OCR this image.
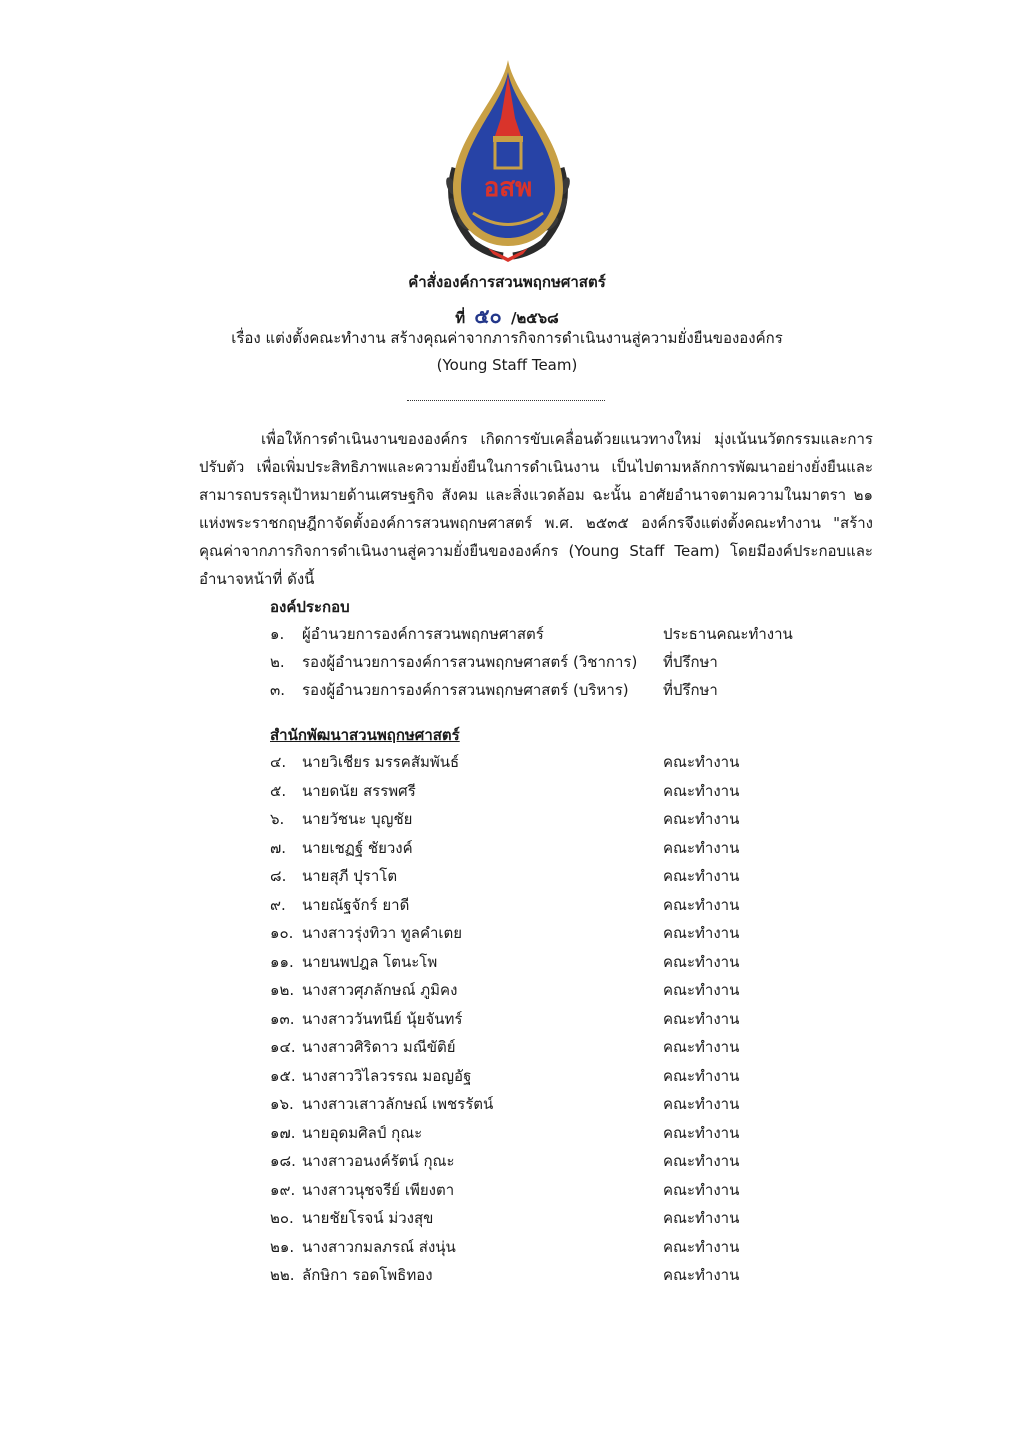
อสพ
คำสั่งองค์การสวนพฤกษศาสตร์
ที่ ๕๐ /๒๕๖๘
เรื่อง แต่งตั้งคณะทำงาน สร้างคุณค่าจากภารกิจการดำเนินงานสู่ความยั่งยืนขององค์กร
(Young Staff Team)
เพื่อให้การดำเนินงานขององค์กร เกิดการขับเคลื่อนด้วยแนวทางใหม่ มุ่งเน้นนวัตกรรมและการปรับตัว เพื่อเพิ่มประสิทธิภาพและความยั่งยืนในการดำเนินงาน เป็นไปตามหลักการพัฒนาอย่างยั่งยืนและสามารถบรรลุเป้าหมายด้านเศรษฐกิจ สังคม และสิ่งแวดล้อม ฉะนั้น อาศัยอำนาจตามความในมาตรา ๒๑ แห่งพระราชกฤษฎีกาจัดตั้งองค์การสวนพฤกษศาสตร์ พ.ศ. ๒๕๓๕ องค์กรจึงแต่งตั้งคณะทำงาน "สร้างคุณค่าจากภารกิจการดำเนินงานสู่ความยั่งยืนขององค์กร (Young Staff Team) โดยมีองค์ประกอบและอำนาจหน้าที่ ดังนี้
องค์ประกอบ
๑.	ผู้อำนวยการองค์การสวนพฤกษศาสตร์	ประธานคณะทำงาน
๒.	รองผู้อำนวยการองค์การสวนพฤกษศาสตร์ (วิชาการ) ที่ปรึกษา
๓.	รองผู้อำนวยการองค์การสวนพฤกษศาสตร์ (บริหาร) ที่ปรึกษา
สำนักพัฒนาสวนพฤกษศาสตร์
๔.	นายวิเชียร มรรคสัมพันธ์	คณะทำงาน
๕.	นายดนัย สรรพศรี	คณะทำงาน
๖.	นายวัชนะ บุญชัย	คณะทำงาน
๗.	นายเชฏฐ์ ชัยวงค์	คณะทำงาน
๘.	นายสุภี ปุราโต	คณะทำงาน
๙.	นายณัฐจักร์ ยาดี	คณะทำงาน
๑๐. นางสาวรุ่งทิวา ทูลคำเตย	คณะทำงาน
๑๑. นายนพปฎล โตนะโพ	คณะทำงาน
๑๒. นางสาวศุภลักษณ์ ภูมิคง	คณะทำงาน
๑๓. นางสาววันทนีย์ นุ้ยจันทร์	คณะทำงาน
๑๔. นางสาวศิริดาว มณีขัติย์	คณะทำงาน
๑๕. นางสาววิไลวรรณ มอญอัฐ	คณะทำงาน
๑๖. นางสาวเสาวลักษณ์ เพชรรัตน์	คณะทำงาน
๑๗. นายอุดมศิลป์ กุณะ	คณะทำงาน
๑๘. นางสาวอนงค์รัตน์ กุณะ	คณะทำงาน
๑๙. นางสาวนุชจรีย์ เพียงตา	คณะทำงาน
๒๐. นายชัยโรจน์ ม่วงสุข	คณะทำงาน
๒๑. นางสาวกมลภรณ์ ส่งนุ่น	คณะทำงาน
๒๒. ลักษิกา รอดโพธิทอง	คณะทำงาน
